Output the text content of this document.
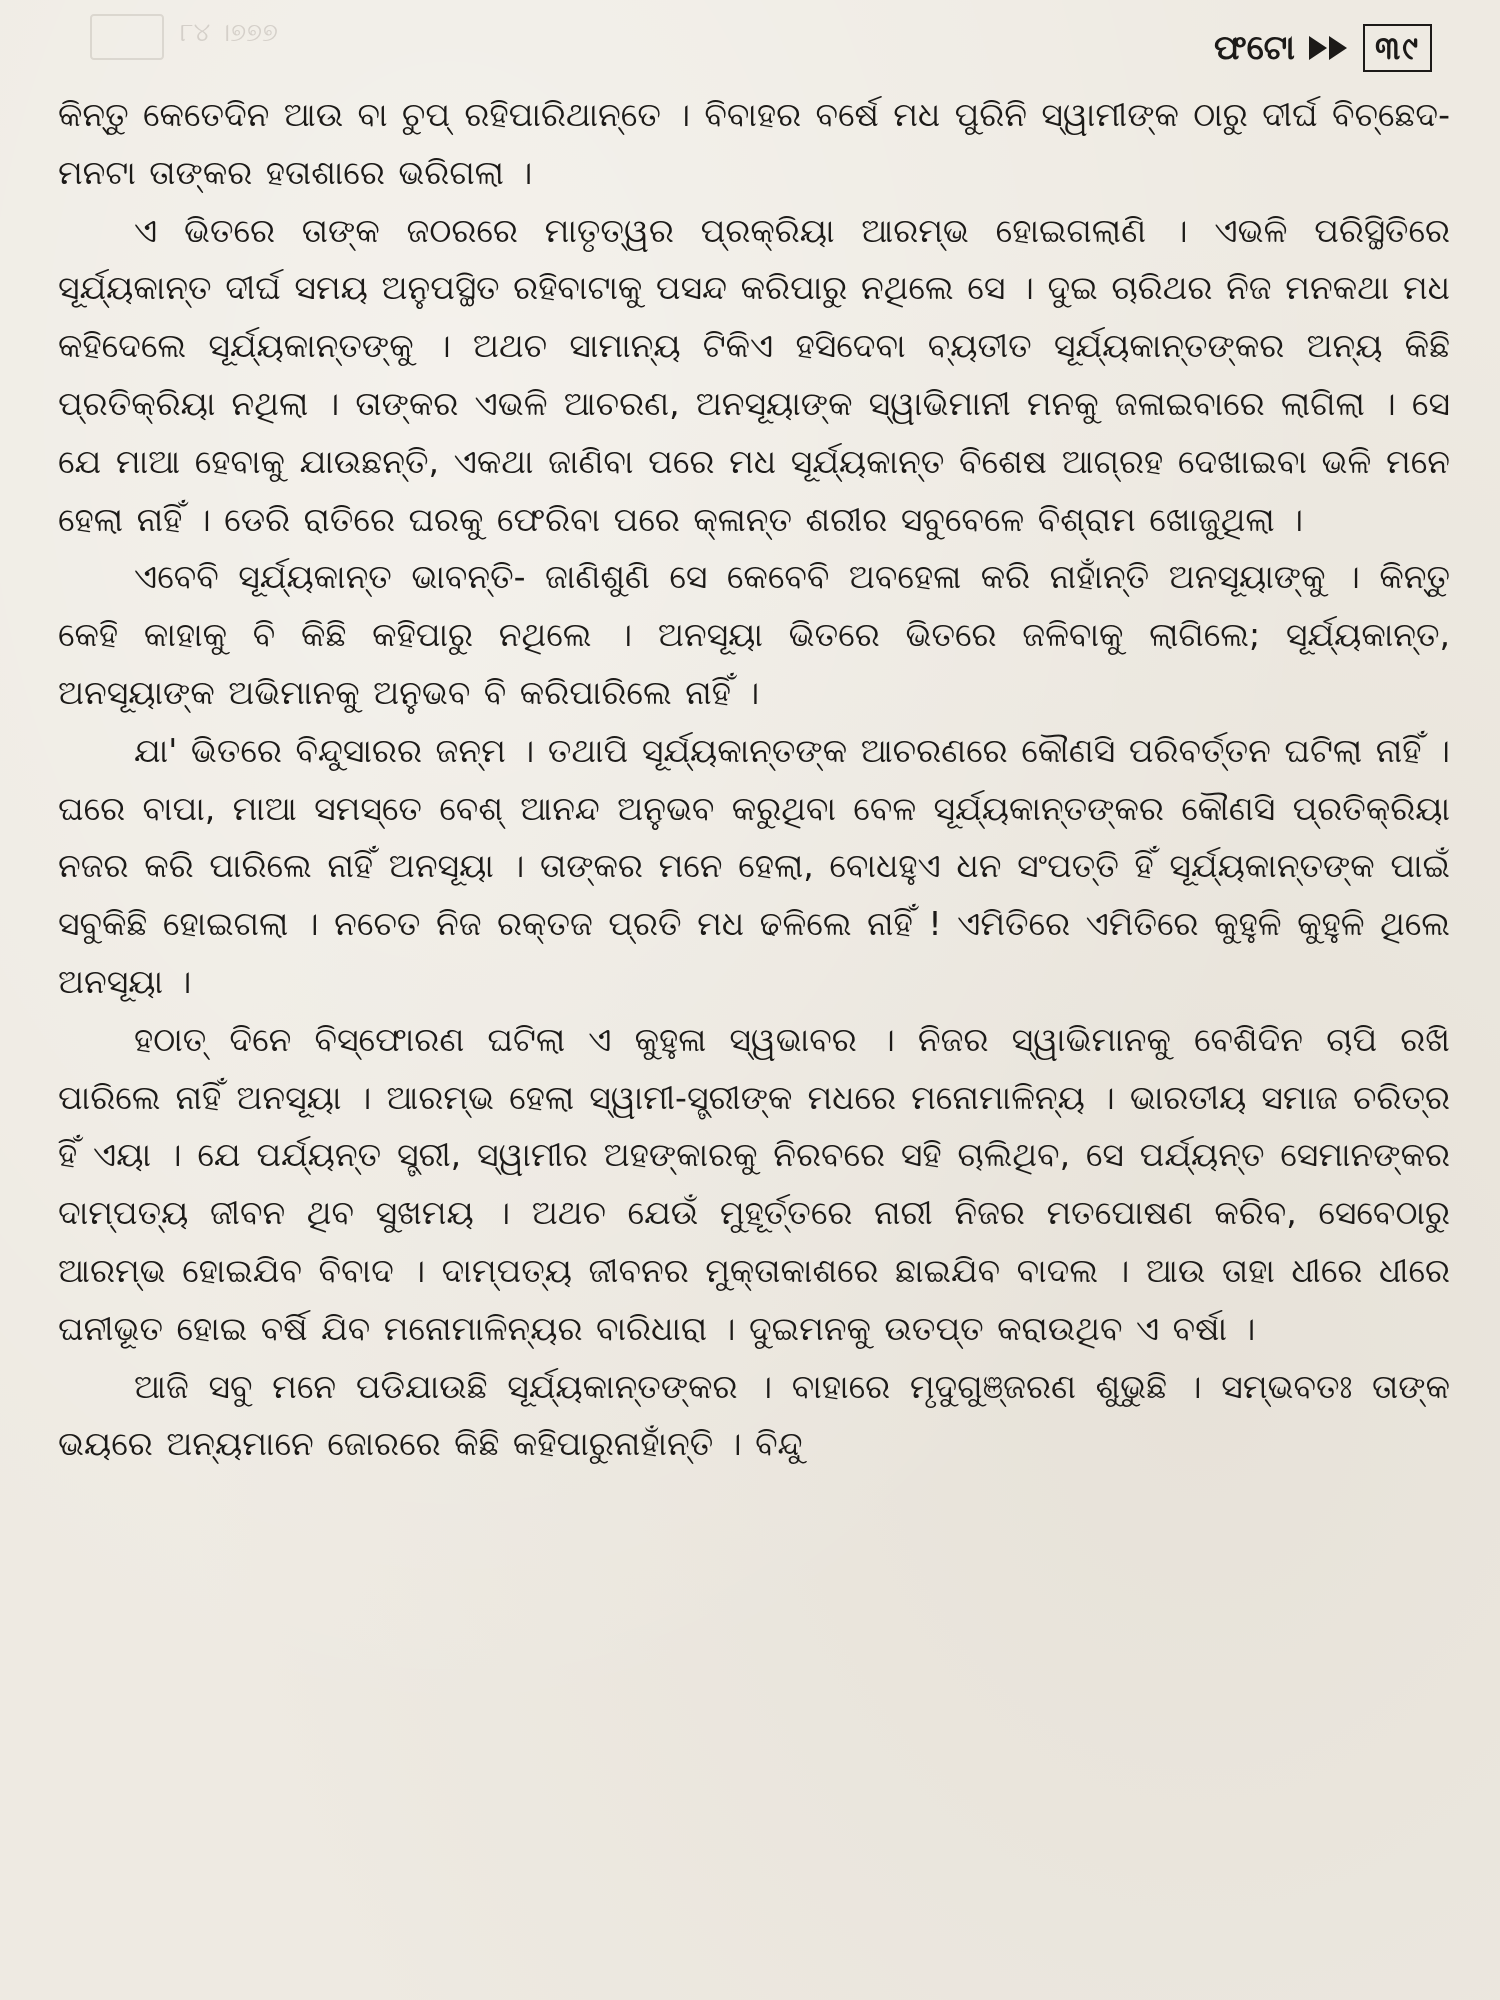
୮୪ ।୭୭୭	ଫଟୋ	୩୯

କିନ୍ତୁ କେତେଦିନ ଆଉ ବା ଚୁପ୍ ରହିପାରିଥାନ୍ତେ । ବିବାହର ବର୍ଷେ ମଧ ପୁରିନି ସ୍ୱାମୀଙ୍କ ଠାରୁ ଦୀର୍ଘ ବିଚ୍ଛେଦ-ମନଟା ତାଙ୍କର ହତାଶାରେ ଭରିଗଲା ।

ଏ ଭିତରେ ତାଙ୍କ ଜଠରରେ ମାତୃତ୍ୱର ପ୍ରକ୍ରିୟା ଆରମ୍ଭ ହୋଇଗଲାଣି । ଏଭଳି ପରିସ୍ଥିତିରେ ସୂର୍ଯ୍ୟକାନ୍ତ ଦୀର୍ଘ ସମୟ ଅନୁପସ୍ଥିତ ରହିବାଟାକୁ ପସନ୍ଦ କରିପାରୁ ନଥିଲେ ସେ । ଦୁଇ ଚାରିଥର ନିଜ ମନକଥା ମଧ କହିଦେଲେ ସୂର୍ଯ୍ୟକାନ୍ତଙ୍କୁ । ଅଥଚ ସାମାନ୍ୟ ଟିକିଏ ହସିଦେବା ବ୍ୟତୀତ ସୂର୍ଯ୍ୟକାନ୍ତଙ୍କର ଅନ୍ୟ କିଛି ପ୍ରତିକ୍ରିୟା ନଥିଲା । ତାଙ୍କର ଏଭଳି ଆଚରଣ, ଅନସୂୟାଙ୍କ ସ୍ୱାଭିମାନୀ ମନକୁ ଜଳାଇବାରେ ଲାଗିଲା । ସେ ଯେ ମାଆ ହେବାକୁ ଯାଉଛନ୍ତି, ଏକଥା ଜାଣିବା ପରେ ମଧ ସୂର୍ଯ୍ୟକାନ୍ତ ବିଶେଷ ଆଗ୍ରହ ଦେଖାଇବା ଭଳି ମନେ ହେଲା ନାହିଁ । ଡେରି ରାତିରେ ଘରକୁ ଫେରିବା ପରେ କ୍ଳାନ୍ତ ଶରୀର ସବୁବେଳେ ବିଶ୍ରାମ ଖୋଜୁଥିଲା ।

ଏବେବି ସୂର୍ଯ୍ୟକାନ୍ତ ଭାବନ୍ତି- ଜାଣିଶୁଣି ସେ କେବେବି ଅବହେଳା କରି ନାହାଁନ୍ତି ଅନସୂୟାଙ୍କୁ । କିନ୍ତୁ କେହି କାହାକୁ ବି କିଛି କହିପାରୁ ନଥିଲେ । ଅନସୂୟା ଭିତରେ ଭିତରେ ଜଳିବାକୁ ଲାଗିଲେ; ସୂର୍ଯ୍ୟକାନ୍ତ, ଅନସୂୟାଙ୍କ ଅଭିମାନକୁ ଅନୁଭବ ବି କରିପାରିଲେ ନାହିଁ ।

ଯା' ଭିତରେ ବିନ୍ଦୁସାରର ଜନ୍ମ । ତଥାପି ସୂର୍ଯ୍ୟକାନ୍ତଙ୍କ ଆଚରଣରେ କୌଣସି ପରିବର୍ତ୍ତନ ଘଟିଲା ନାହିଁ । ଘରେ ବାପା, ମାଆ ସମସ୍ତେ ବେଶ୍ ଆନନ୍ଦ ଅନୁଭବ କରୁଥିବା ବେଳ ସୂର୍ଯ୍ୟକାନ୍ତଙ୍କର କୌଣସି ପ୍ରତିକ୍ରିୟା ନଜର କରି ପାରିଲେ ନାହିଁ ଅନସୂୟା । ତାଙ୍କର ମନେ ହେଲା, ବୋଧହୁଏ ଧନ ସଂପତ୍ତି ହିଁ ସୂର୍ଯ୍ୟକାନ୍ତଙ୍କ ପାଇଁ ସବୁକିଛି ହୋଇଗଲା । ନଚେତ ନିଜ ରକ୍ତଜ ପ୍ରତି ମଧ ଢଳିଲେ ନାହିଁ ! ଏମିତିରେ ଏମିତିରେ କୁହୁଳି କୁହୁଳି ଥିଲେ ଅନସୂୟା ।

ହଠାତ୍ ଦିନେ ବିସ୍ଫୋରଣ ଘଟିଲା ଏ କୁହୁଳା ସ୍ୱଭାବର । ନିଜର ସ୍ୱାଭିମାନକୁ ବେଶିଦିନ ଚାପି ରଖି ପାରିଲେ ନାହିଁ ଅନସୂୟା । ଆରମ୍ଭ ହେଲା ସ୍ୱାମୀ-ସ୍ତ୍ରୀଙ୍କ ମଧରେ ମନୋମାଳିନ୍ୟ । ଭାରତୀୟ ସମାଜ ଚରିତ୍ର ହିଁ ଏୟା । ଯେ ପର୍ଯ୍ୟନ୍ତ ସ୍ତ୍ରୀ, ସ୍ୱାମୀର ଅହଙ୍କାରକୁ ନିରବରେ ସହି ଚାଲିଥିବ, ସେ ପର୍ଯ୍ୟନ୍ତ ସେମାନଙ୍କର ଦାମ୍ପତ୍ୟ ଜୀବନ ଥିବ ସୁଖମୟ । ଅଥଚ ଯେଉଁ ମୁହୂର୍ତ୍ତରେ ନାରୀ ନିଜର ମତପୋଷଣ କରିବ, ସେବେଠାରୁ ଆରମ୍ଭ ହୋଇଯିବ ବିବାଦ । ଦାମ୍ପତ୍ୟ ଜୀବନର ମୁକ୍ତାକାଶରେ ଛାଇଯିବ ବାଦଲ । ଆଉ ତାହା ଧୀରେ ଧୀରେ ଘନୀଭୂତ ହୋଇ ବର୍ଷି ଯିବ ମନୋମାଳିନ୍ୟର ବାରିଧାରା । ଦୁଇମନକୁ ଉତପ୍ତ କରାଉଥିବ ଏ ବର୍ଷା ।

ଆଜି ସବୁ ମନେ ପଡିଯାଉଛି ସୂର୍ଯ୍ୟକାନ୍ତଙ୍କର । ବାହାରେ ମୃଦୁଗୁଞ୍ଜରଣ ଶୁଭୁଛି । ସମ୍ଭବତଃ ତାଙ୍କ ଭୟରେ ଅନ୍ୟମାନେ ଜୋରରେ କିଛି କହିପାରୁନାହାଁନ୍ତି । ବିନ୍ଦୁ
